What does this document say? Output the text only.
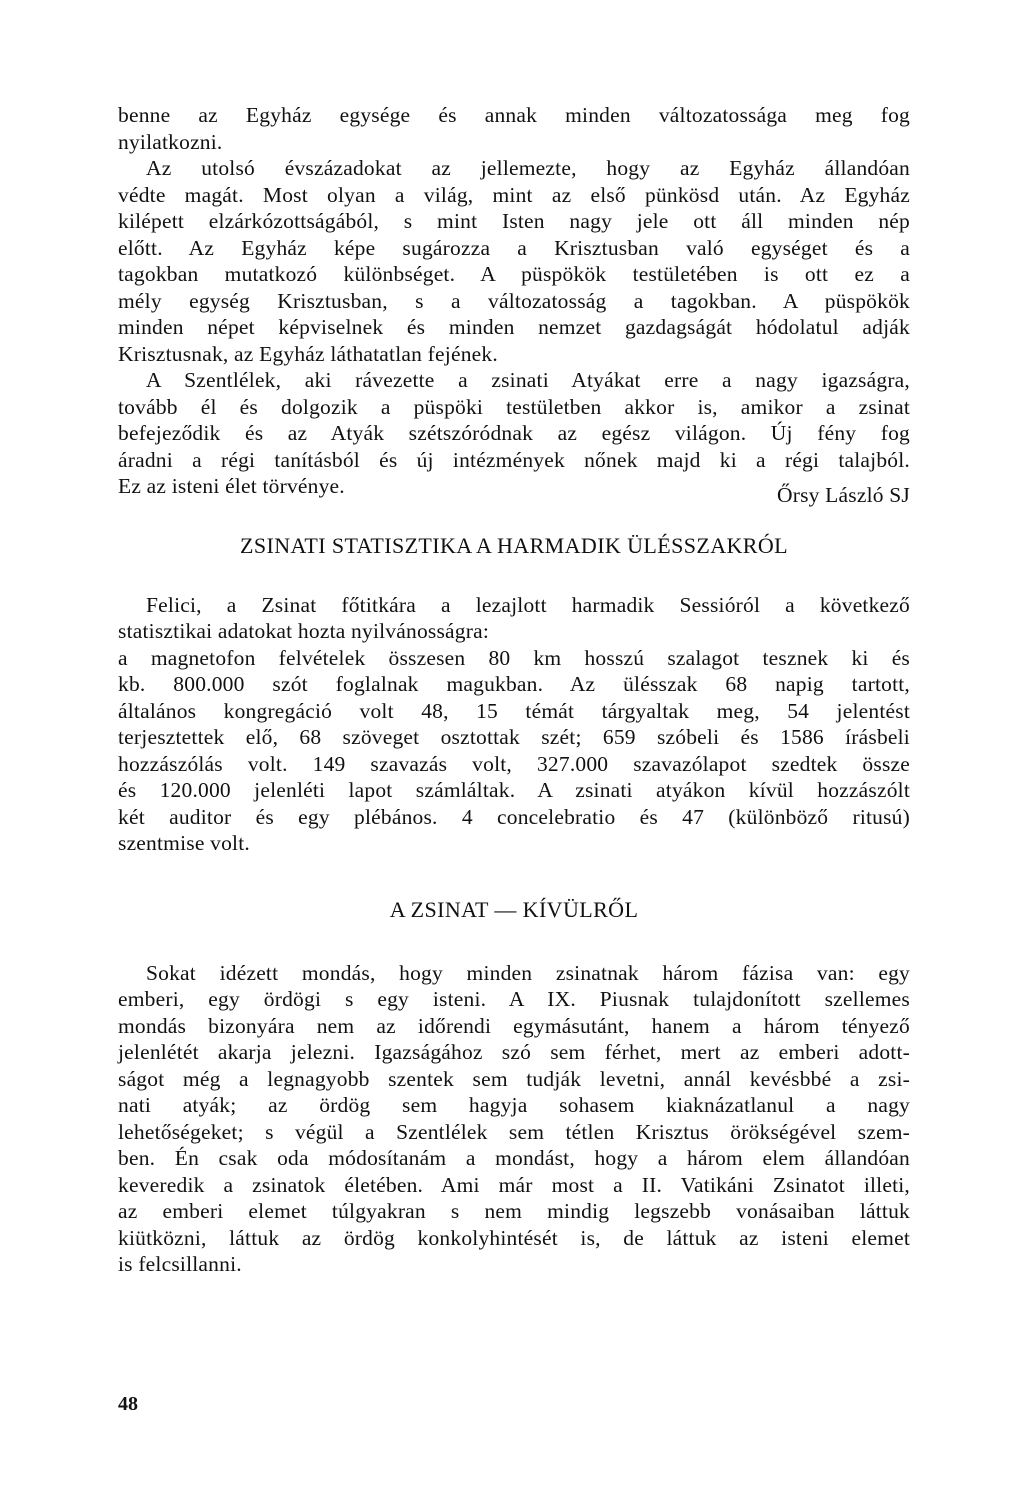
benne az Egyház egysége és annak minden változatossága meg fog
nyilatkozni.
Az utolsó évszázadokat az jellemezte, hogy az Egyház állandóan
védte magát. Most olyan a világ, mint az első pünkösd után. Az Egyház
kilépett elzárkózottságából, s mint Isten nagy jele ott áll minden nép
előtt. Az Egyház képe sugározza a Krisztusban való egységet és a
tagokban mutatkozó különbséget. A püspökök testületében is ott ez a
mély egység Krisztusban, s a változatosság a tagokban. A püspökök
minden népet képviselnek és minden nemzet gazdagságát hódolatul adják
Krisztusnak, az Egyház láthatatlan fejének.
A Szentlélek, aki rávezette a zsinati Atyákat erre a nagy igazságra,
tovább él és dolgozik a püspöki testületben akkor is, amikor a zsinat
befejeződik és az Atyák szétszóródnak az egész világon. Új fény fog
áradni a régi tanításból és új intézmények nőnek majd ki a régi talajból.
Ez az isteni élet törvénye.	Őrsy László SJ
ZSINATI STATISZTIKA A HARMADIK ÜLÉSSZAKRÓL
Felici, a Zsinat főtitkára a lezajlott harmadik Sessióról a következő
statisztikai adatokat hozta nyilvánosságra:
a magnetofon felvételek összesen 80 km hosszú szalagot tesznek ki és
kb. 800.000 szót foglalnak magukban. Az ülésszak 68 napig tartott,
általános kongregáció volt 48, 15 témát tárgyaltak meg, 54 jelentést
terjesztettek elő, 68 szöveget osztottak szét; 659 szóbeli és 1586 írásbeli
hozzászólás volt. 149 szavazás volt, 327.000 szavazólapot szedtek össze
és 120.000 jelenléti lapot számláltak. A zsinati atyákon kívül hozzászólt
két auditor és egy plébános. 4 concelebratio és 47 (különböző ritusú)
szentmise volt.
A ZSINAT — KÍVÜLRŐL
Sokat idézett mondás, hogy minden zsinatnak három fázisa van: egy
emberi, egy ördögi s egy isteni. A IX. Piusnak tulajdonított szellemes
mondás bizonyára nem az időrendi egymásutánt, hanem a három tényező
jelenlétét akarja jelezni. Igazságához szó sem férhet, mert az emberi adott-
ságot még a legnagyobb szentek sem tudják levetni, annál kevésbbé a zsi-
nati atyák; az ördög sem hagyja sohasem kiaknázatlanul a nagy
lehetőségeket; s végül a Szentlélek sem tétlen Krisztus örökségével szem-
ben. Én csak oda módosítanám a mondást, hogy a három elem állandóan
keveredik a zsinatok életében. Ami már most a II. Vatikáni Zsinatot illeti,
az emberi elemet túlgyakran s nem mindig legszebb vonásaiban láttuk
kiütközni, láttuk az ördög konkolyhintését is, de láttuk az isteni elemet
is felcsillanni.
48
